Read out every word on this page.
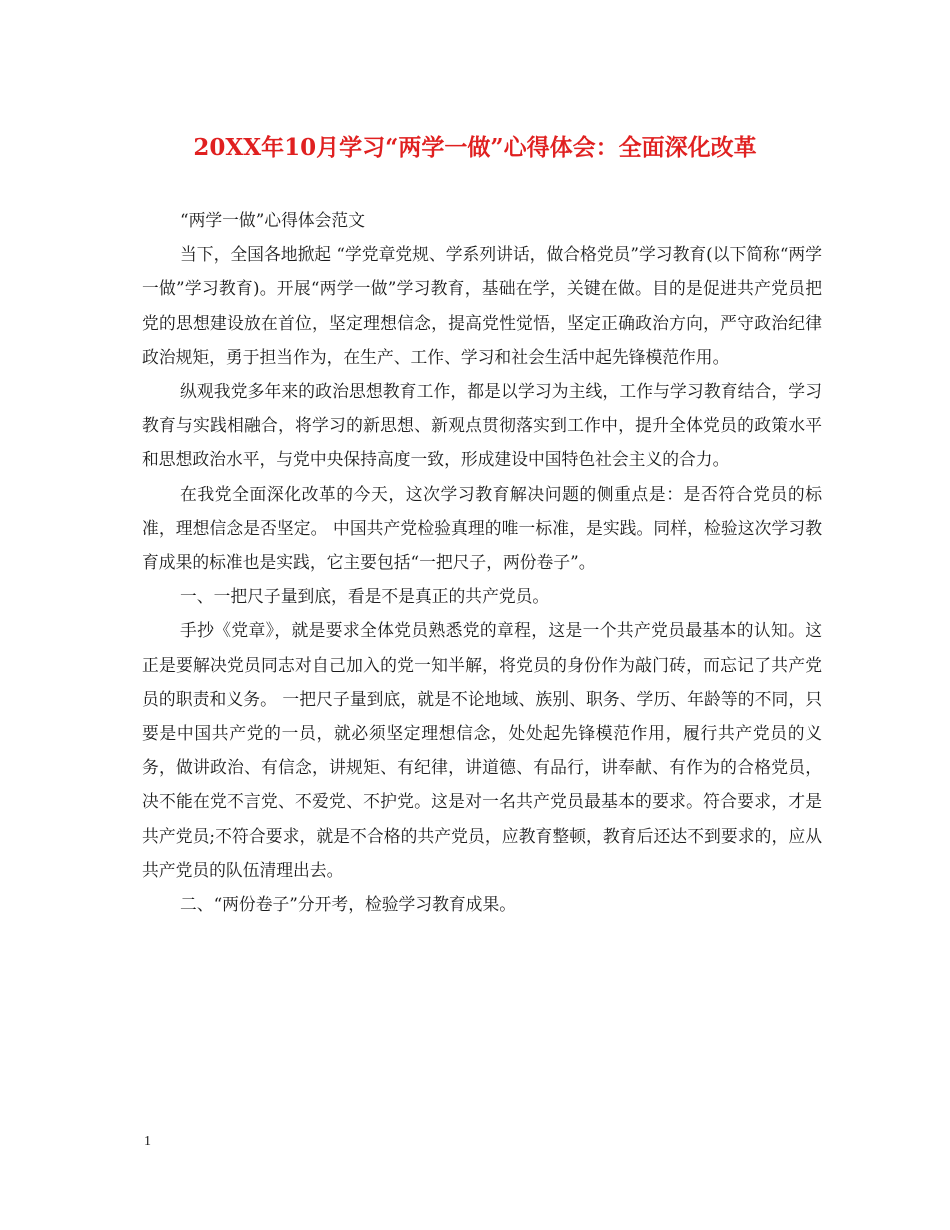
20XX年10月学习“两学一做”心得体会：全面深化改革

“两学一做”心得体会范文

当下，全国各地掀起 “学党章党规、学系列讲话，做合格党员”学习教育(以下简称“两学一做”学习教育)。开展“两学一做”学习教育，基础在学，关键在做。目的是促进共产党员把党的思想建设放在首位，坚定理想信念，提高党性觉悟，坚定正确政治方向，严守政治纪律政治规矩，勇于担当作为，在生产、工作、学习和社会生活中起先锋模范作用。

纵观我党多年来的政治思想教育工作，都是以学习为主线，工作与学习教育结合，学习教育与实践相融合，将学习的新思想、新观点贯彻落实到工作中，提升全体党员的政策水平和思想政治水平，与党中央保持高度一致，形成建设中国特色社会主义的合力。

在我党全面深化改革的今天，这次学习教育解决问题的侧重点是：是否符合党员的标准，理想信念是否坚定。 中国共产党检验真理的唯一标准，是实践。同样，检验这次学习教育成果的标准也是实践，它主要包括“一把尺子，两份卷子”。

一、一把尺子量到底，看是不是真正的共产党员。

手抄《党章》，就是要求全体党员熟悉党的章程，这是一个共产党员最基本的认知。这正是要解决党员同志对自己加入的党一知半解，将党员的身份作为敲门砖，而忘记了共产党员的职责和义务。 一把尺子量到底，就是不论地域、族别、职务、学历、年龄等的不同，只要是中国共产党的一员，就必须坚定理想信念，处处起先锋模范作用，履行共产党员的义务，做讲政治、有信念，讲规矩、有纪律，讲道德、有品行，讲奉献、有作为的合格党员，决不能在党不言党、不爱党、不护党。这是对一名共产党员最基本的要求。符合要求，才是共产党员;不符合要求，就是不合格的共产党员，应教育整顿，教育后还达不到要求的，应从共产党员的队伍清理出去。

二、“两份卷子”分开考，检验学习教育成果。

1
